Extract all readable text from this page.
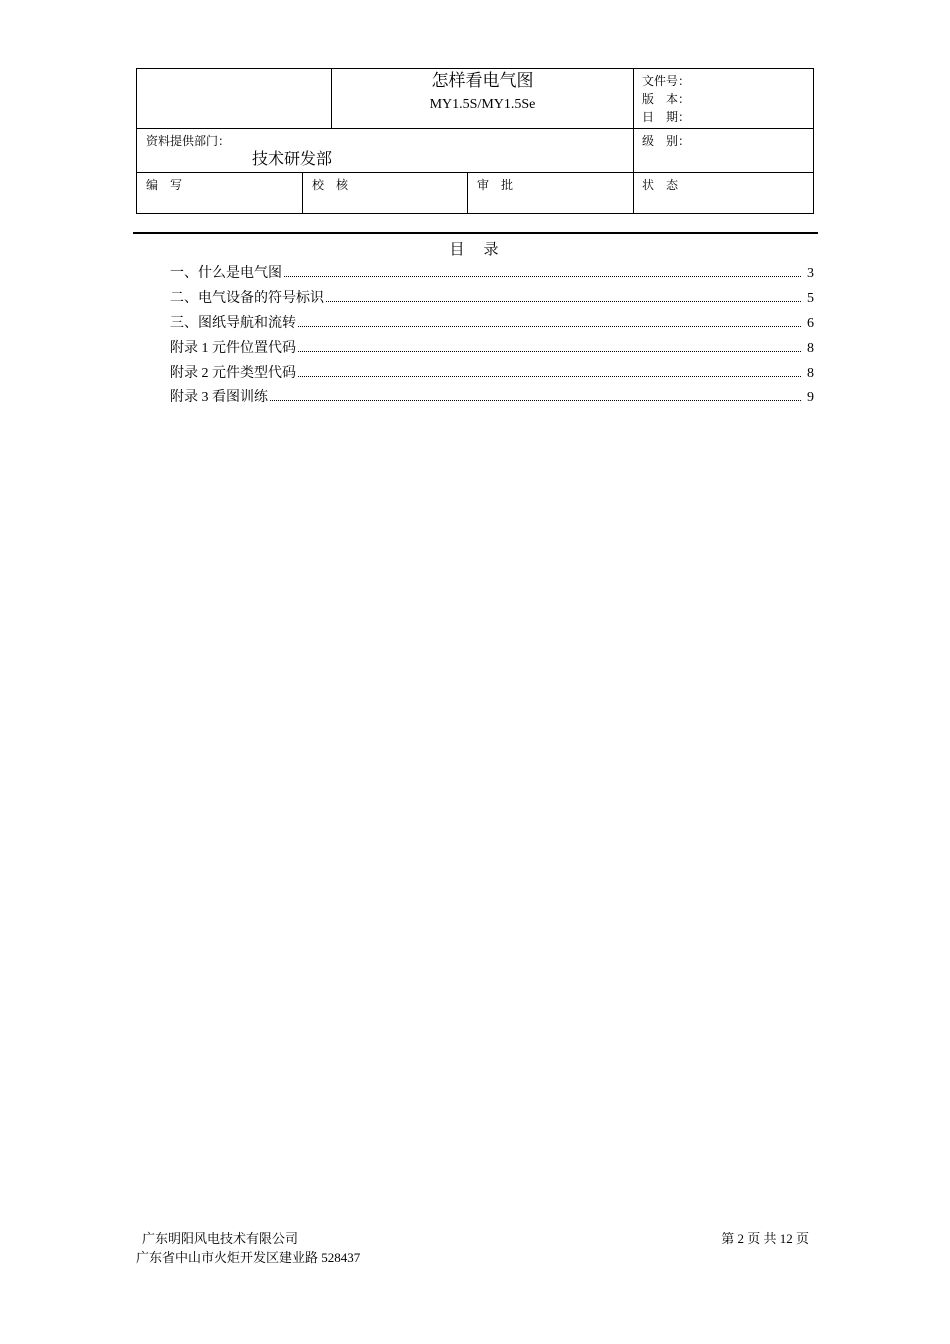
怎样看电气图
MY1.5S/MY1.5Se
文件号：
版　本：
日　期：
资料提供部门：
技术研发部
级　别：
编　写	校　核	审　批	状　态
目　录
一、什么是电气图	3
二、电气设备的符号标识	5
三、图纸导航和流转	6
附录 1 元件位置代码	8
附录 2 元件类型代码	8
附录 3 看图训练	9
广东明阳风电技术有限公司
广东省中山市火炬开发区建业路 528437
第 2 页 共 12 页
